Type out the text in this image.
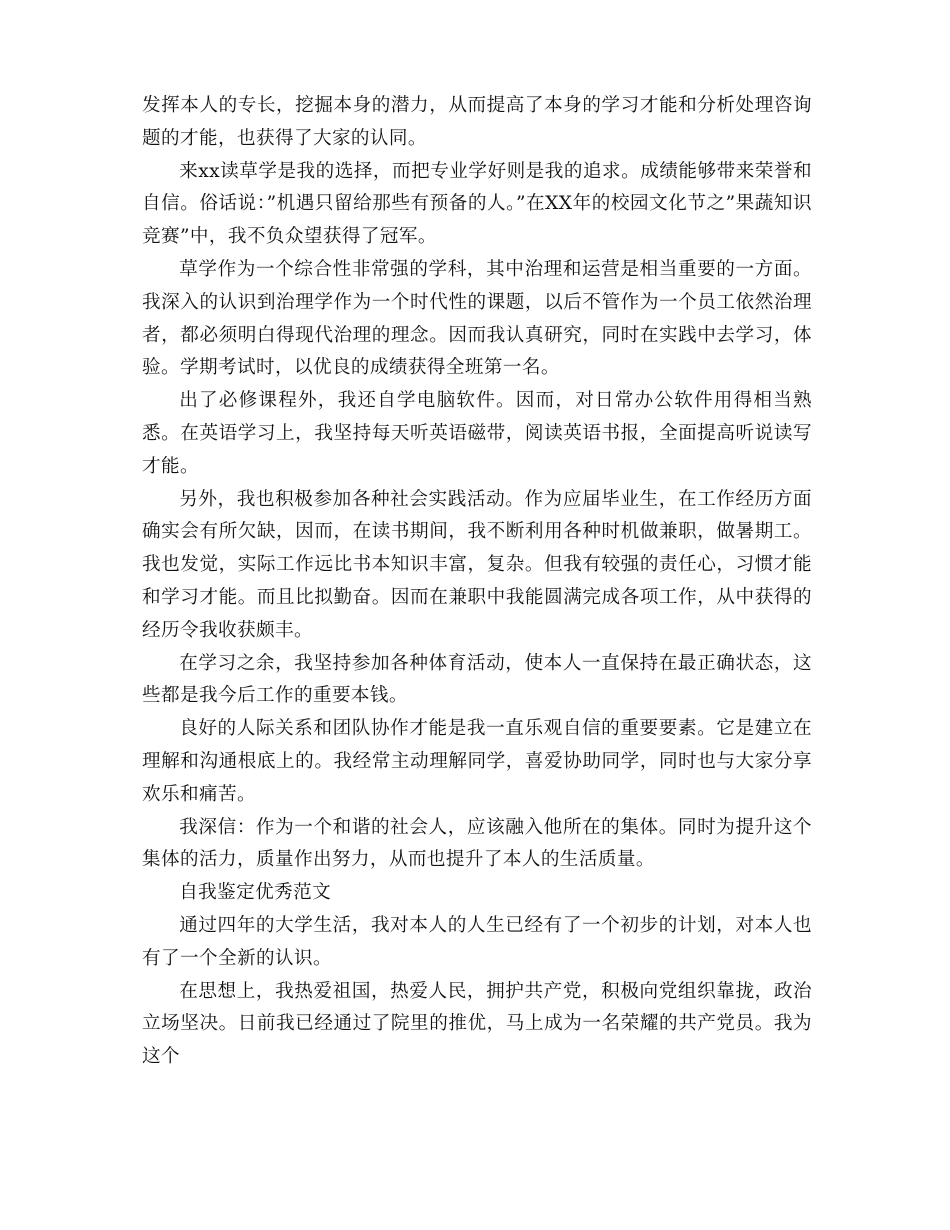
发挥本人的专长，挖掘本身的潜力，从而提高了本身的学习才能和分析处理咨询题的才能，也获得了大家的认同。

来xx读草学是我的选择，而把专业学好则是我的追求。成绩能够带来荣誉和自信。俗话说：”机遇只留给那些有预备的人。”在XX年的校园文化节之”果蔬知识竞赛”中，我不负众望获得了冠军。

草学作为一个综合性非常强的学科，其中治理和运营是相当重要的一方面。我深入的认识到治理学作为一个时代性的课题，以后不管作为一个员工依然治理者，都必须明白得现代治理的理念。因而我认真研究，同时在实践中去学习，体验。学期考试时，以优良的成绩获得全班第一名。

出了必修课程外，我还自学电脑软件。因而，对日常办公软件用得相当熟悉。在英语学习上，我坚持每天听英语磁带，阅读英语书报，全面提高听说读写才能。

另外，我也积极参加各种社会实践活动。作为应届毕业生，在工作经历方面确实会有所欠缺，因而，在读书期间，我不断利用各种时机做兼职，做暑期工。我也发觉，实际工作远比书本知识丰富，复杂。但我有较强的责任心，习惯才能和学习才能。而且比拟勤奋。因而在兼职中我能圆满完成各项工作，从中获得的经历令我收获颇丰。

在学习之余，我坚持参加各种体育活动，使本人一直保持在最正确状态，这些都是我今后工作的重要本钱。

良好的人际关系和团队协作才能是我一直乐观自信的重要要素。它是建立在理解和沟通根底上的。我经常主动理解同学，喜爱协助同学，同时也与大家分享欢乐和痛苦。

我深信：作为一个和谐的社会人，应该融入他所在的集体。同时为提升这个集体的活力，质量作出努力，从而也提升了本人的生活质量。

自我鉴定优秀范文

通过四年的大学生活，我对本人的人生已经有了一个初步的计划，对本人也有了一个全新的认识。

在思想上，我热爱祖国，热爱人民，拥护共产党，积极向党组织靠拢，政治立场坚决。日前我已经通过了院里的推优，马上成为一名荣耀的共产党员。我为这个
